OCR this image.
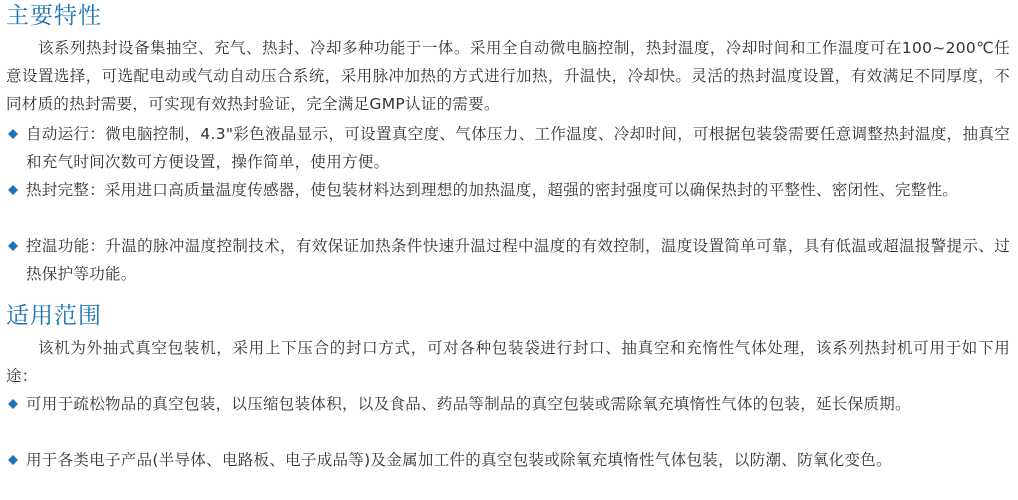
主要特性
该系列热封设备集抽空、充气、热封、冷却多种功能于一体。采用全自动微电脑控制，热封温度，冷却时间和工作温度可在100~200℃任意设置选择，可选配电动或气动自动压合系统，采用脉冲加热的方式进行加热，升温快，冷却快。灵活的热封温度设置，有效满足不同厚度，不同材质的热封需要，可实现有效热封验证，完全满足GMP认证的需要。
自动运行：微电脑控制，4.3"彩色液晶显示，可设置真空度、气体压力、工作温度、冷却时间，可根据包装袋需要任意调整热封温度，抽真空和充气时间次数可方便设置，操作简单，使用方便。
热封完整：采用进口高质量温度传感器，使包装材料达到理想的加热温度，超强的密封强度可以确保热封的平整性、密闭性、完整性。
控温功能：升温的脉冲温度控制技术，有效保证加热条件快速升温过程中温度的有效控制，温度设置简单可靠，具有低温或超温报警提示、过热保护等功能。
适用范围
该机为外抽式真空包装机，采用上下压合的封口方式，可对各种包装袋进行封口、抽真空和充惰性气体处理，该系列热封机可用于如下用途：
可用于疏松物品的真空包装，以压缩包装体积，以及食品、药品等制品的真空包装或需除氧充填惰性气体的包装，延长保质期。
用于各类电子产品(半导体、电路板、电子成品等)及金属加工件的真空包装或除氧充填惰性气体包装，以防潮、防氧化变色。
